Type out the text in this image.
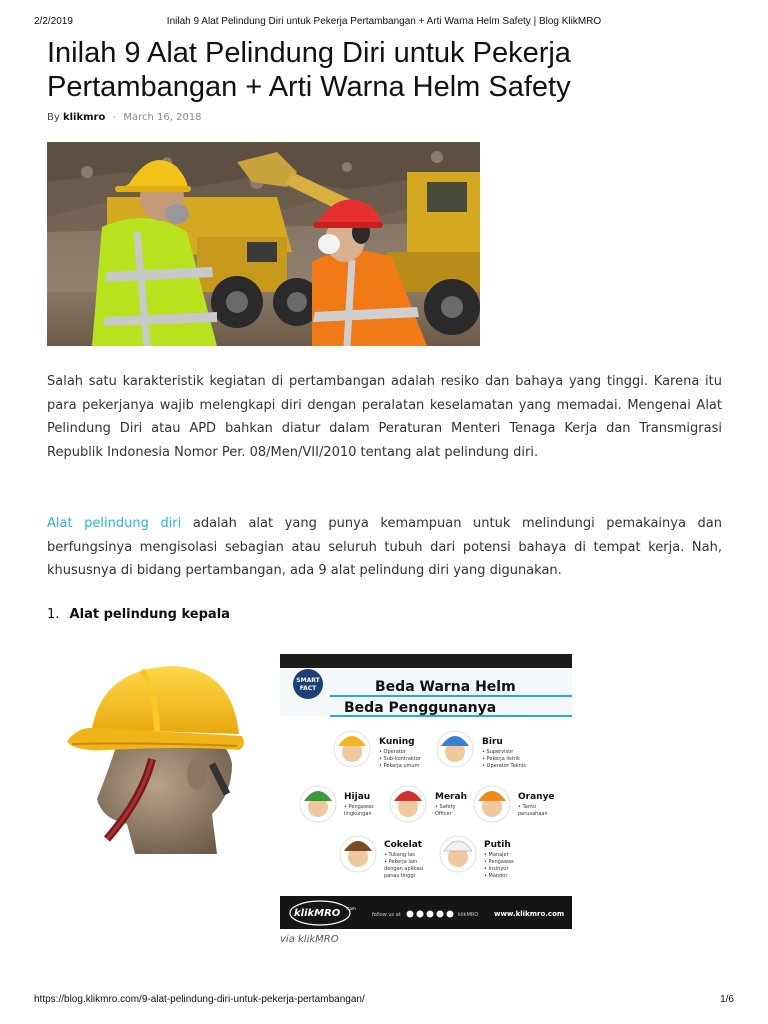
2/2/2019	Inilah 9 Alat Pelindung Diri untuk Pekerja Pertambangan + Arti Warna Helm Safety | Blog KlikMRO
Inilah 9 Alat Pelindung Diri untuk Pekerja Pertambangan + Arti Warna Helm Safety
By klikmro - March 16, 2018

Salah satu karakteristik kegiatan di pertambangan adalah resiko dan bahaya yang tinggi. Karena itu para pekerjanya wajib melengkapi diri dengan peralatan keselamatan yang memadai. Mengenai Alat Pelindung Diri atau APD bahkan diatur dalam Peraturan Menteri Tenaga Kerja dan Transmigrasi Republik Indonesia Nomor Per. 08/Men/VII/2010 tentang alat pelindung diri.

Alat pelindung diri adalah alat yang punya kemampuan untuk melindungi pemakainya dan berfungsinya mengisolasi sebagian atau seluruh tubuh dari potensi bahaya di tempat kerja. Nah, khususnya di bidang pertambangan, ada 9 alat pelindung diri yang digunakan.

1. Alat pelindung kepala
SMART
FACT	Beda Warna Helm
Beda Penggunanya
Kuning
• Operator
• Sub-kontraktor
• Pekerja umum
Biru
• Supervisor
• Pekerja listrik
• Operator Teknis
Hijau
• Pengawas
lingkungan
Merah
• Safety
Officer
Oranye
• Tamu
perusahaan
Cokelat
• Tukang las
• Pekerja lain
dengan aplikasi
panas tinggi
Putih
• Manajer
• Pengawas
• Insinyur
• Mandor
klikMRO .com
follow us at	klikMRO www.klikmro.com
via klikMRO
https://blog.klikmro.com/9-alat-pelindung-diri-untuk-pekerja-pertambangan/	1/6
